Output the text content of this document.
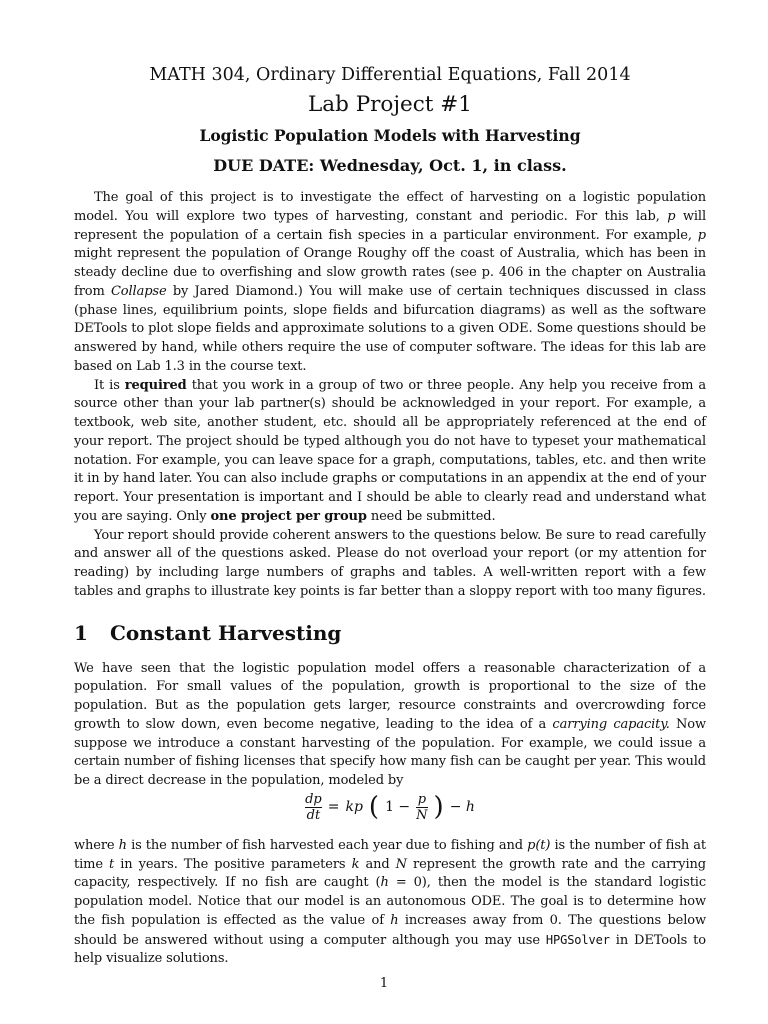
MATH 304, Ordinary Differential Equations, Fall 2014
Lab Project #1
Logistic Population Models with Harvesting
DUE DATE: Wednesday, Oct. 1, in class.

The goal of this project is to investigate the effect of harvesting on a logistic population model. You will explore two types of harvesting, constant and periodic. For this lab, p will represent the population of a certain fish species in a particular environment. For example, p might represent the population of Orange Roughy off the coast of Australia, which has been in steady decline due to overfishing and slow growth rates (see p. 406 in the chapter on Australia from Collapse by Jared Diamond.) You will make use of certain techniques discussed in class (phase lines, equilibrium points, slope fields and bifurcation diagrams) as well as the software DETools to plot slope fields and approximate solutions to a given ODE. Some questions should be answered by hand, while others require the use of computer software. The ideas for this lab are based on Lab 1.3 in the course text.

It is required that you work in a group of two or three people. Any help you receive from a source other than your lab partner(s) should be acknowledged in your report. For example, a textbook, web site, another student, etc. should all be appropriately referenced at the end of your report. The project should be typed although you do not have to typeset your mathematical notation. For example, you can leave space for a graph, computations, tables, etc. and then write it in by hand later. You can also include graphs or computations in an appendix at the end of your report. Your presentation is important and I should be able to clearly read and understand what you are saying. Only one project per group need be submitted.

Your report should provide coherent answers to the questions below. Be sure to read carefully and answer all of the questions asked. Please do not overload your report (or my attention for reading) by including large numbers of graphs and tables. A well-written report with a few tables and graphs to illustrate key points is far better than a sloppy report with too many figures.

1 Constant Harvesting

We have seen that the logistic population model offers a reasonable characterization of a population. For small values of the population, growth is proportional to the size of the population. But as the population gets larger, resource constraints and overcrowding force growth to slow down, even become negative, leading to the idea of a carrying capacity. Now suppose we introduce a constant harvesting of the population. For example, we could issue a certain number of fishing licenses that specify how many fish can be caught per year. This would be a direct decrease in the population, modeled by

$\frac{dp}{dt}$ = kp ( $1 - \frac{p}{N}$ ) − h

where h is the number of fish harvested each year due to fishing and p(t) is the number of fish at time t in years. The positive parameters k and N represent the growth rate and the carrying capacity, respectively. If no fish are caught (h = 0), then the model is the standard logistic population model. Notice that our model is an autonomous ODE. The goal is to determine how the fish population is effected as the value of h increases away from 0. The questions below should be answered without using a computer although you may use HPGSolver in DETools to help visualize solutions.

1
